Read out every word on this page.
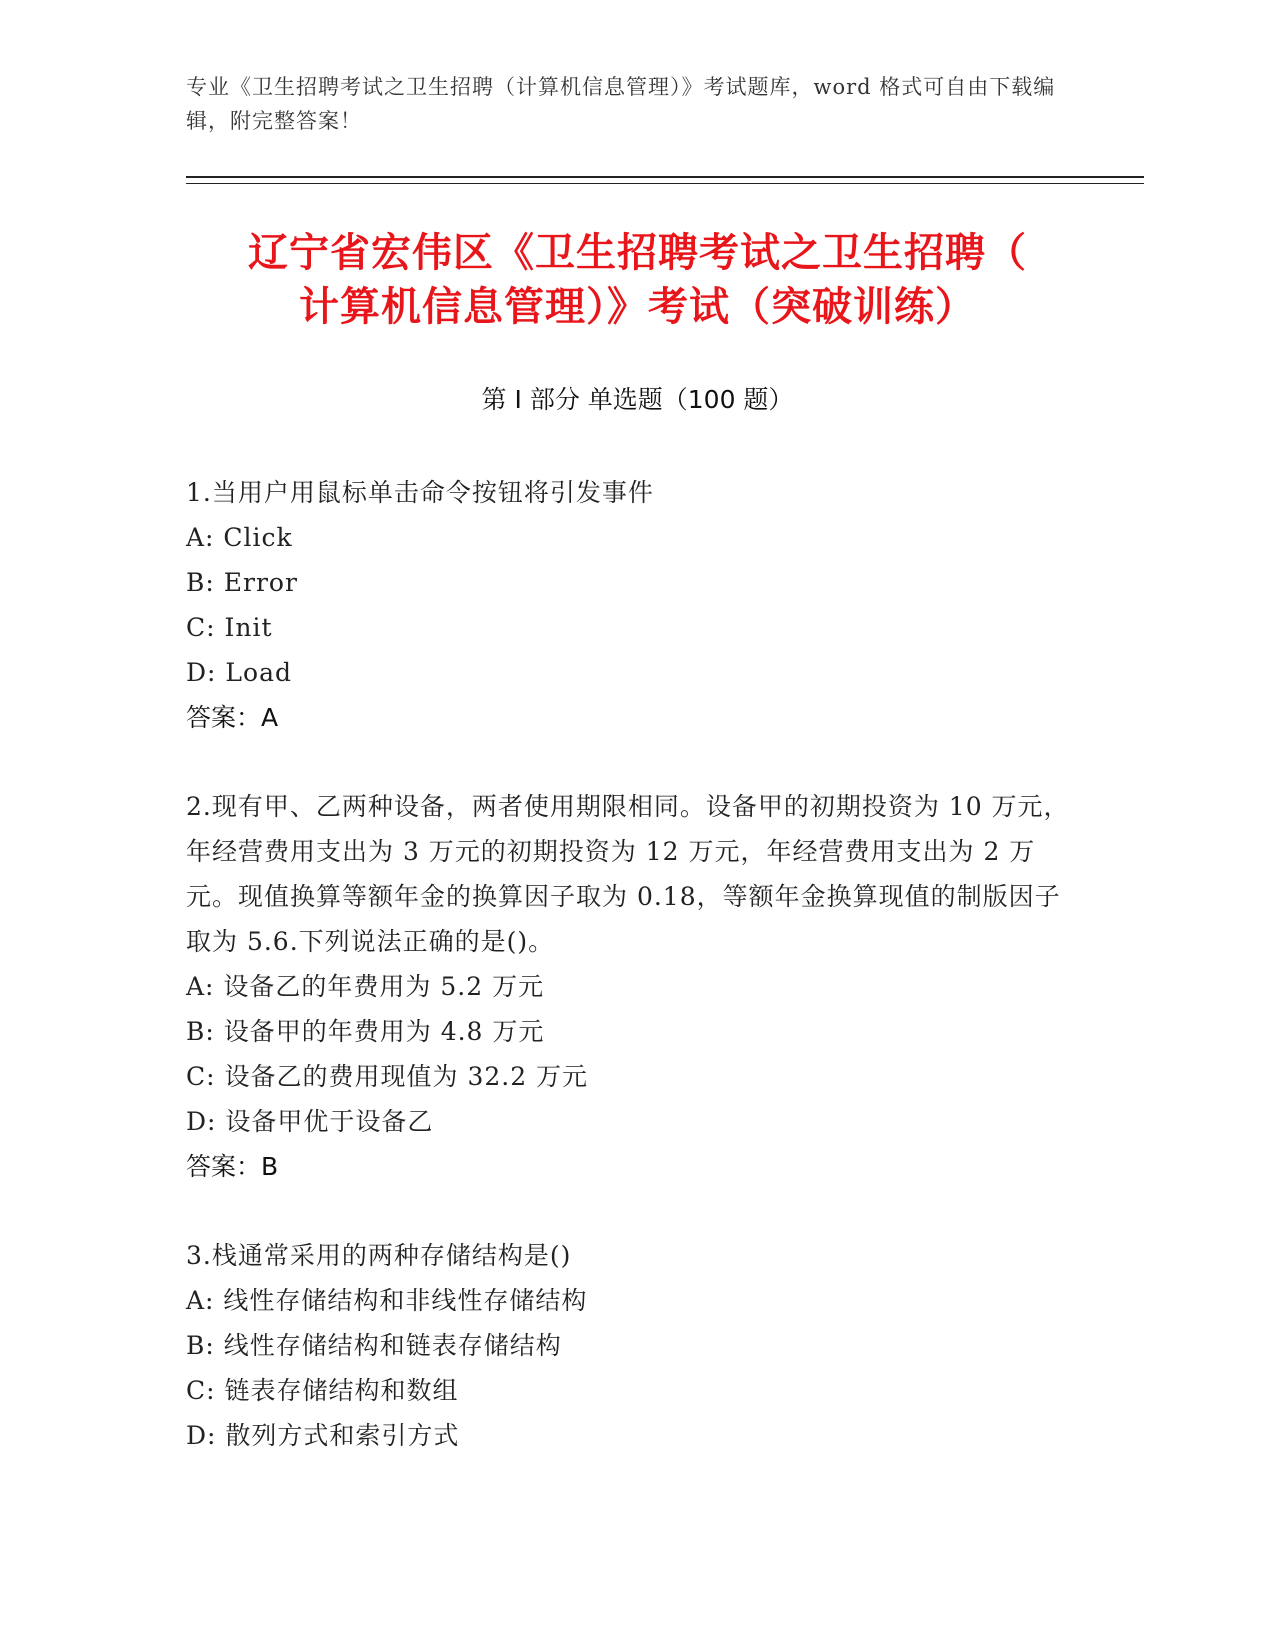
专业《卫生招聘考试之卫生招聘（计算机信息管理）》考试题库，word 格式可自由下载编辑，附完整答案！
辽宁省宏伟区《卫生招聘考试之卫生招聘（
计算机信息管理）》考试（突破训练）
第 I 部分 单选题（100 题）

1.当用户用鼠标单击命令按钮将引发事件

A: Click

B: Error

C: Init

D: Load

答案：A

2.现有甲、乙两种设备，两者使用期限相同。设备甲的初期投资为 10 万元，年经营费用支出为 3 万元的初期投资为 12 万元，年经营费用支出为 2 万元。现值换算等额年金的换算因子取为 0.18，等额年金换算现值的制版因子取为 5.6.下列说法正确的是()。

A: 设备乙的年费用为 5.2 万元

B: 设备甲的年费用为 4.8 万元

C: 设备乙的费用现值为 32.2 万元

D: 设备甲优于设备乙

答案：B

3.栈通常采用的两种存储结构是()

A: 线性存储结构和非线性存储结构

B: 线性存储结构和链表存储结构

C: 链表存储结构和数组

D: 散列方式和索引方式
